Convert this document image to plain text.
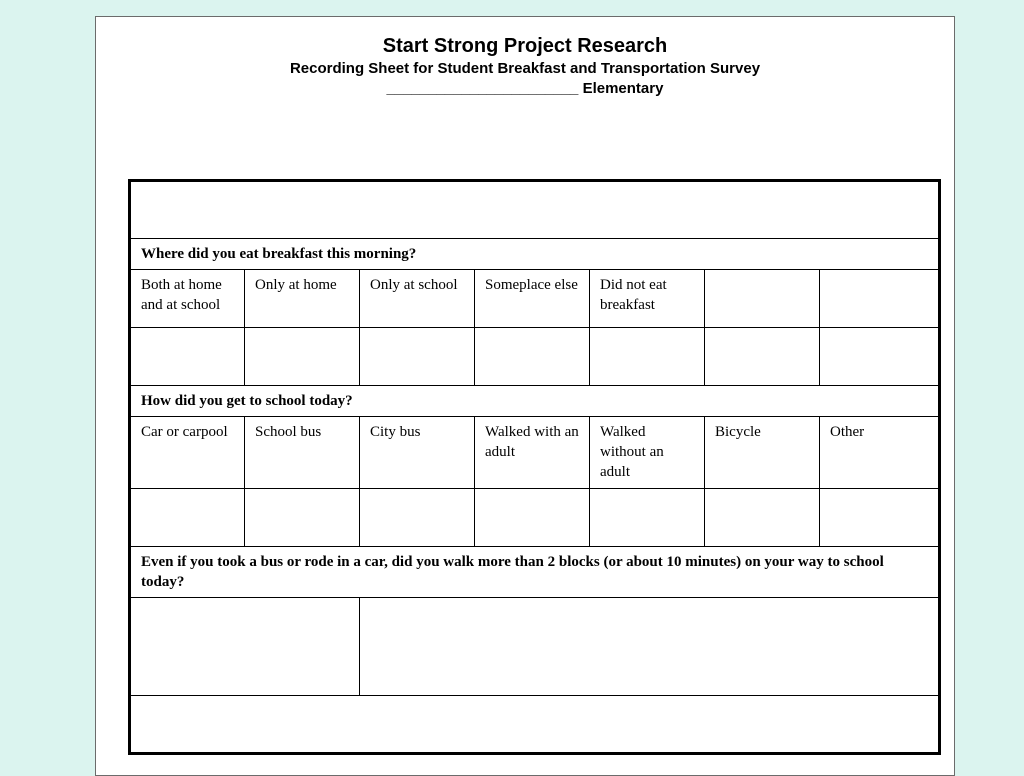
Start Strong Project Research
Recording Sheet for Student Breakfast and Transportation Survey
_______________________ Elementary

Where did you eat breakfast this morning?						
Both at home and at school	Only at home	Only at school	Someplace else	Did not eat breakfast		

How did you get to school today?						
Car or carpool	School bus	City bus	Walked with an adult	Walked without an adult	Bicycle	Other

Even if you took a bus or rode in a car, did you walk more than 2 blocks (or about 10 minutes) on your way to school today?						
